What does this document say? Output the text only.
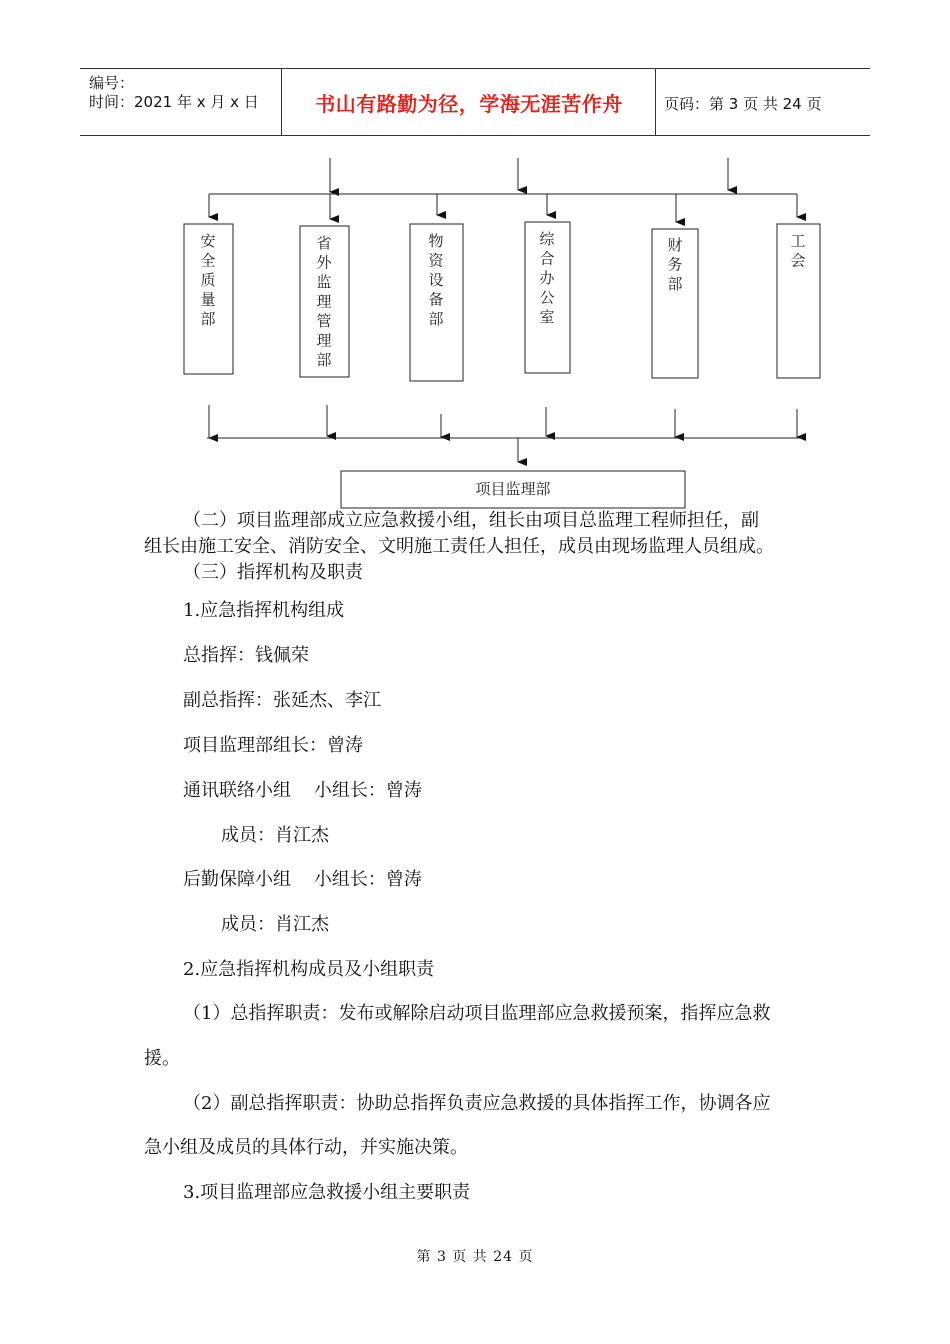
编号：
时间：2021 年 x 月 x 日	书山有路勤为径，学海无涯苦作舟	页码：第 3 页 共 24 页
安全质量部
省外监理管理部
物资设备部
综合办公室
财务部
工会
项目监理部
（二）项目监理部成立应急救援小组，组长由项目总监理工程师担任，副
组长由施工安全、消防安全、文明施工责任人担任，成员由现场监理人员组成。
（三）指挥机构及职责
1.应急指挥机构组成
总指挥：钱佩荣
副总指挥：张延杰、李江
项目监理部组长：曾涛
通讯联络小组    小组长：曾涛
成员：肖江杰
后勤保障小组    小组长：曾涛
成员：肖江杰
2.应急指挥机构成员及小组职责
（1）总指挥职责：发布或解除启动项目监理部应急救援预案，指挥应急救
援。
（2）副总指挥职责：协助总指挥负责应急救援的具体指挥工作，协调各应
急小组及成员的具体行动，并实施决策。
3.项目监理部应急救援小组主要职责
第 3 页 共 24 页
